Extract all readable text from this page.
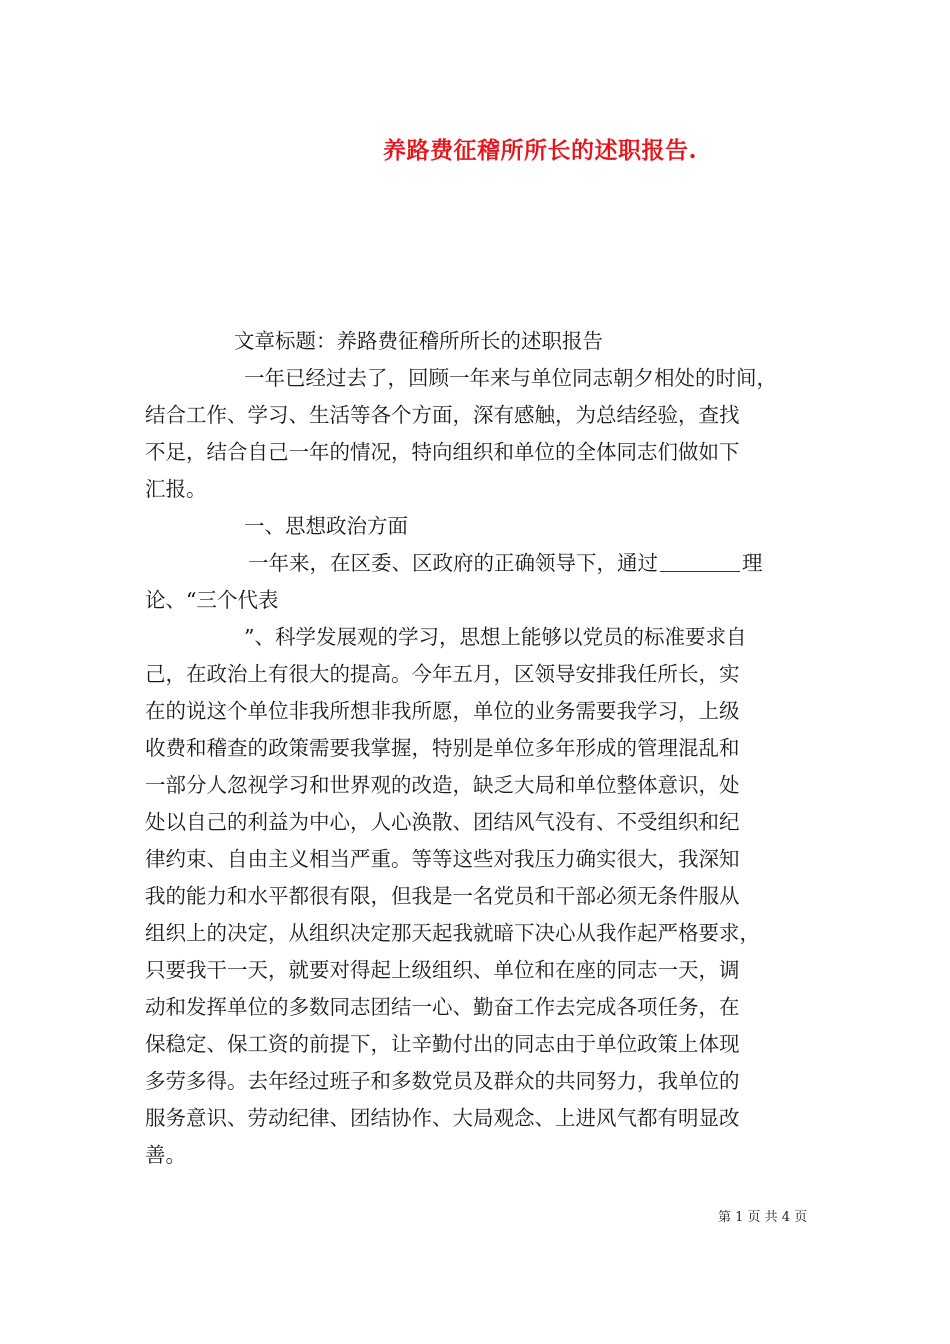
养路费征稽所所长的述职报告.
文章标题：养路费征稽所所长的述职报告
一年已经过去了，回顾一年来与单位同志朝夕相处的时间，
结合工作、学习、生活等各个方面，深有感触，为总结经验，查找
不足，结合自己一年的情况，特向组织和单位的全体同志们做如下
汇报。
一、思想政治方面
一年来，在区委、区政府的正确领导下，通过	理
论、“三个代表
”、科学发展观的学习，思想上能够以党员的标准要求自
己，在政治上有很大的提高。今年五月，区领导安排我任所长，实
在的说这个单位非我所想非我所愿，单位的业务需要我学习，上级
收费和稽查的政策需要我掌握，特别是单位多年形成的管理混乱和
一部分人忽视学习和世界观的改造，缺乏大局和单位整体意识，处
处以自己的利益为中心，人心涣散、团结风气没有、不受组织和纪
律约束、自由主义相当严重。等等这些对我压力确实很大，我深知
我的能力和水平都很有限，但我是一名党员和干部必须无条件服从
组织上的决定，从组织决定那天起我就暗下决心从我作起严格要求，
只要我干一天，就要对得起上级组织、单位和在座的同志一天，调
动和发挥单位的多数同志团结一心、勤奋工作去完成各项任务，在
保稳定、保工资的前提下，让辛勤付出的同志由于单位政策上体现
多劳多得。去年经过班子和多数党员及群众的共同努力，我单位的
服务意识、劳动纪律、团结协作、大局观念、上进风气都有明显改
善。
第 1 页 共 4 页
